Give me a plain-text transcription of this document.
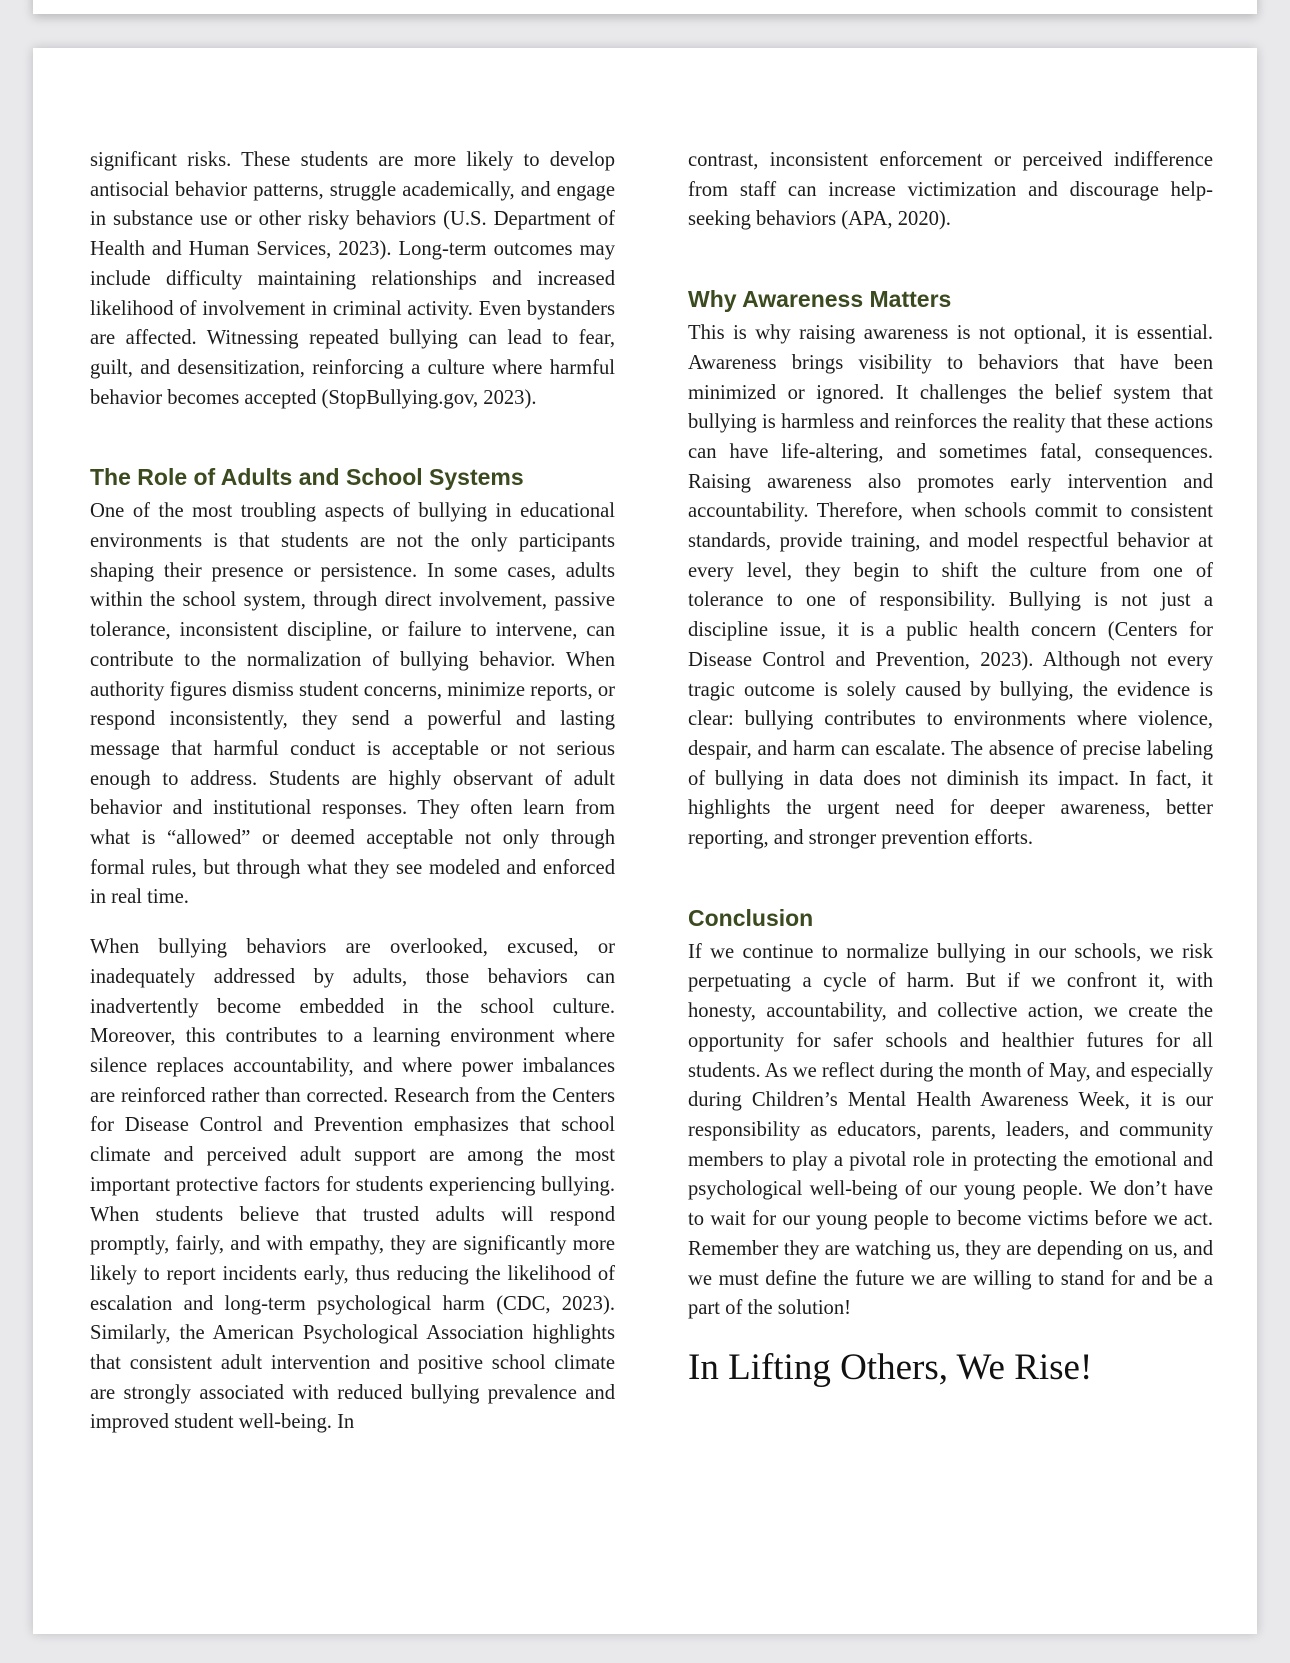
significant risks. These students are more likely to develop antisocial behavior patterns, struggle academically, and engage in substance use or other risky behaviors (U.S. Department of Health and Human Services, 2023). Long-term outcomes may include difficulty maintaining relationships and increased likelihood of involvement in criminal activity. Even bystanders are affected. Witnessing repeated bullying can lead to fear, guilt, and desensitization, reinforcing a culture where harmful behavior becomes accepted (StopBullying.gov, 2023).

The Role of Adults and School Systems

One of the most troubling aspects of bullying in educational environments is that students are not the only participants shaping their presence or persistence. In some cases, adults within the school system, through direct involvement, passive tolerance, inconsistent discipline, or failure to intervene, can contribute to the normalization of bullying behavior. When authority figures dismiss student concerns, minimize reports, or respond inconsistently, they send a powerful and lasting message that harmful conduct is acceptable or not serious enough to address. Students are highly observant of adult behavior and institutional responses. They often learn from what is “allowed” or deemed acceptable not only through formal rules, but through what they see modeled and enforced in real time.

When bullying behaviors are overlooked, excused, or inadequately addressed by adults, those behaviors can inadvertently become embedded in the school culture. Moreover, this contributes to a learning environment where silence replaces accountability, and where power imbalances are reinforced rather than corrected. Research from the Centers for Disease Control and Prevention emphasizes that school climate and perceived adult support are among the most important protective factors for students experiencing bullying. When students believe that trusted adults will respond promptly, fairly, and with empathy, they are significantly more likely to report incidents early, thus reducing the likelihood of escalation and long-term psychological harm (CDC, 2023). Similarly, the American Psychological Association highlights that consistent adult intervention and positive school climate are strongly associated with reduced bullying prevalence and improved student well-being. In

contrast, inconsistent enforcement or perceived indifference from staff can increase victimization and discourage help-seeking behaviors (APA, 2020).

Why Awareness Matters

This is why raising awareness is not optional, it is essential. Awareness brings visibility to behaviors that have been minimized or ignored. It challenges the belief system that bullying is harmless and reinforces the reality that these actions can have life-altering, and sometimes fatal, consequences. Raising awareness also promotes early intervention and accountability. Therefore, when schools commit to consistent standards, provide training, and model respectful behavior at every level, they begin to shift the culture from one of tolerance to one of responsibility. Bullying is not just a discipline issue, it is a public health concern (Centers for Disease Control and Prevention, 2023). Although not every tragic outcome is solely caused by bullying, the evidence is clear: bullying contributes to environments where violence, despair, and harm can escalate. The absence of precise labeling of bullying in data does not diminish its impact. In fact, it highlights the urgent need for deeper awareness, better reporting, and stronger prevention efforts.

Conclusion

If we continue to normalize bullying in our schools, we risk perpetuating a cycle of harm. But if we confront it, with honesty, accountability, and collective action, we create the opportunity for safer schools and healthier futures for all students. As we reflect during the month of May, and especially during Children’s Mental Health Awareness Week, it is our responsibility as educators, parents, leaders, and community members to play a pivotal role in protecting the emotional and psychological well-being of our young people. We don’t have to wait for our young people to become victims before we act. Remember they are watching us, they are depending on us, and we must define the future we are willing to stand for and be a part of the solution!

In Lifting Others, We Rise!
